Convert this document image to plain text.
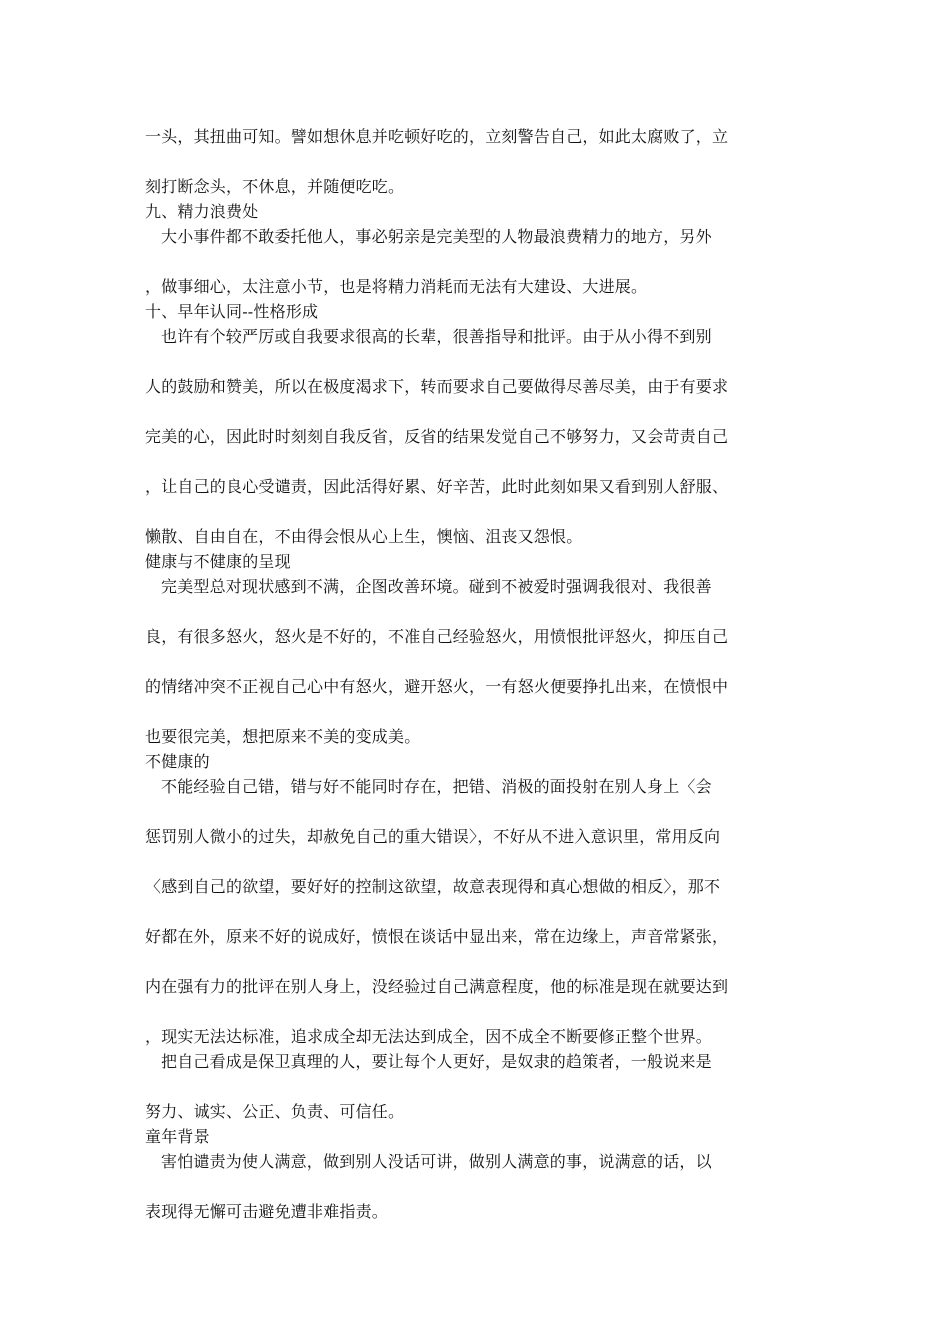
一头，其扭曲可知。譬如想休息并吃顿好吃的，立刻警告自己，如此太腐败了，立
刻打断念头，不休息，并随便吃吃。
九、精力浪费处
大小事件都不敢委托他人，事必躬亲是完美型的人物最浪费精力的地方，另外
，做事细心，太注意小节，也是将精力消耗而无法有大建设、大进展。
十、早年认同--性格形成
也许有个较严厉或自我要求很高的长辈，很善指导和批评。由于从小得不到别
人的鼓励和赞美，所以在极度渴求下，转而要求自己要做得尽善尽美，由于有要求
完美的心，因此时时刻刻自我反省，反省的结果发觉自己不够努力，又会苛责自己
，让自己的良心受谴责，因此活得好累、好辛苦，此时此刻如果又看到别人舒服、
懒散、自由自在，不由得会恨从心上生，懊恼、沮丧又怨恨。
健康与不健康的呈现
完美型总对现状感到不满，企图改善环境。碰到不被爱时强调我很对、我很善
良，有很多怒火，怒火是不好的，不准自己经验怒火，用愤恨批评怒火，抑压自己
的情绪冲突不正视自己心中有怒火，避开怒火，一有怒火便要挣扎出来，在愤恨中
也要很完美，想把原来不美的变成美。
不健康的
不能经验自己错，错与好不能同时存在，把错、消极的面投射在别人身上〈会
惩罚别人微小的过失，却赦免自己的重大错误〉，不好从不进入意识里，常用反向
〈感到自己的欲望，要好好的控制这欲望，故意表现得和真心想做的相反〉，那不
好都在外，原来不好的说成好，愤恨在谈话中显出来，常在边缘上，声音常紧张，
内在强有力的批评在别人身上，没经验过自己满意程度，他的标准是现在就要达到
，现实无法达标准，追求成全却无法达到成全，因不成全不断要修正整个世界。
把自己看成是保卫真理的人，要让每个人更好，是奴隶的趋策者，一般说来是
努力、诚实、公正、负责、可信任。
童年背景
害怕谴责为使人满意，做到别人没话可讲，做别人满意的事，说满意的话，以
表现得无懈可击避免遭非难指责。
